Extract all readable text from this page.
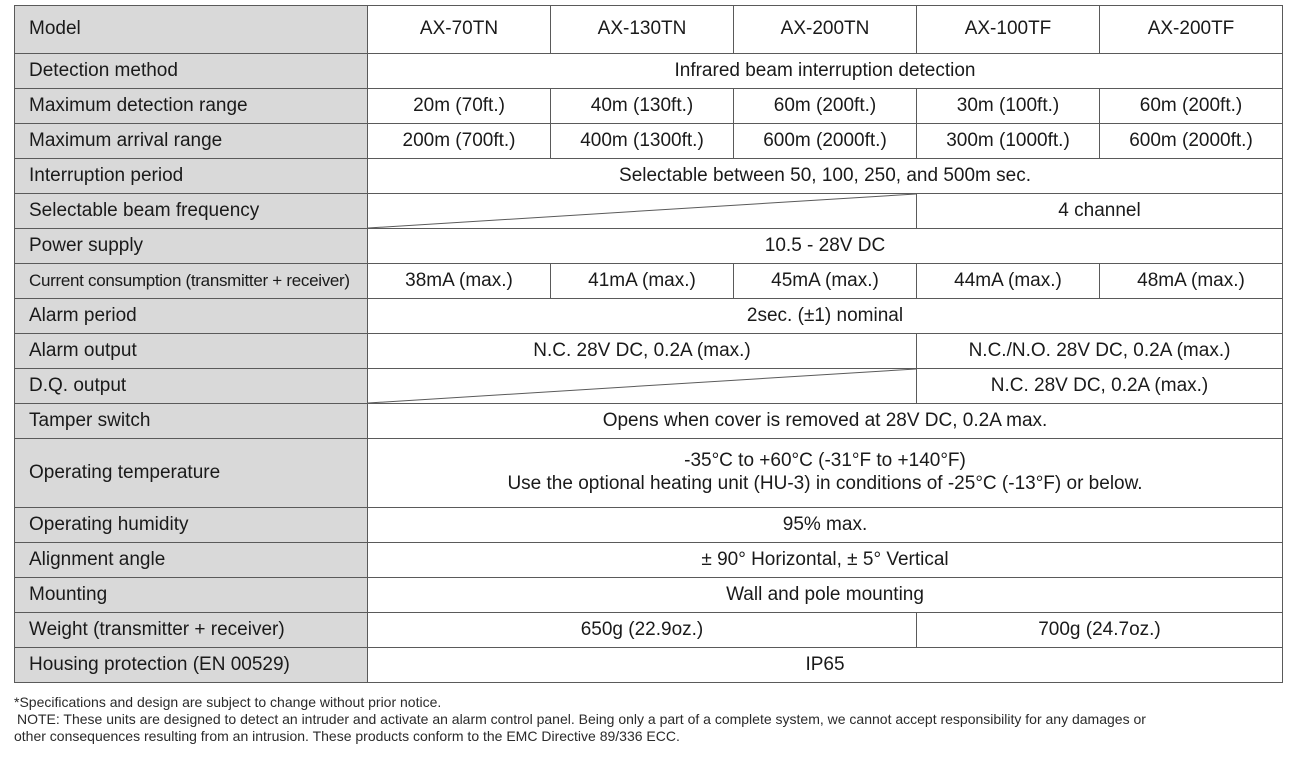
Model	AX-70TN	AX-130TN	AX-200TN	AX-100TF	AX-200TF
Detection method	Infrared beam interruption detection				
Maximum detection range	20m (70ft.)	40m (130ft.)	60m (200ft.)	30m (100ft.)	60m (200ft.)
Maximum arrival range	200m (700ft.)	400m (1300ft.)	600m (2000ft.)	300m (1000ft.)	600m (2000ft.)
Interruption period	Selectable between 50, 100, 250, and 500m sec.				
Selectable beam frequency				4 channel	
Power supply	10.5 - 28V DC				
Current consumption (transmitter + receiver)	38mA (max.)	41mA (max.)	45mA (max.)	44mA (max.)	48mA (max.)
Alarm period	2sec. (±1) nominal				
Alarm output	N.C. 28V DC, 0.2A (max.)			N.C./N.O. 28V DC, 0.2A (max.)	
D.Q. output				N.C. 28V DC, 0.2A (max.)	
Tamper switch	Opens when cover is removed at 28V DC, 0.2A max.				
Operating temperature	-35°C to +60°C (-31°F to +140°F)
Use the optional heating unit (HU-3) in conditions of -25°C (-13°F) or below.				

Operating humidity	95% max.				
Alignment angle	± 90° Horizontal, ± 5° Vertical				
Mounting	Wall and pole mounting				
Weight (transmitter + receiver)	650g (22.9oz.)			700g (24.7oz.)	
Housing protection (EN 00529)	IP65				
*Specifications and design are subject to change without prior notice.
NOTE: These units are designed to detect an intruder and activate an alarm control panel. Being only a part of a complete system, we cannot accept responsibility for any damages or
other consequences resulting from an intrusion. These products conform to the EMC Directive 89/336 ECC.
